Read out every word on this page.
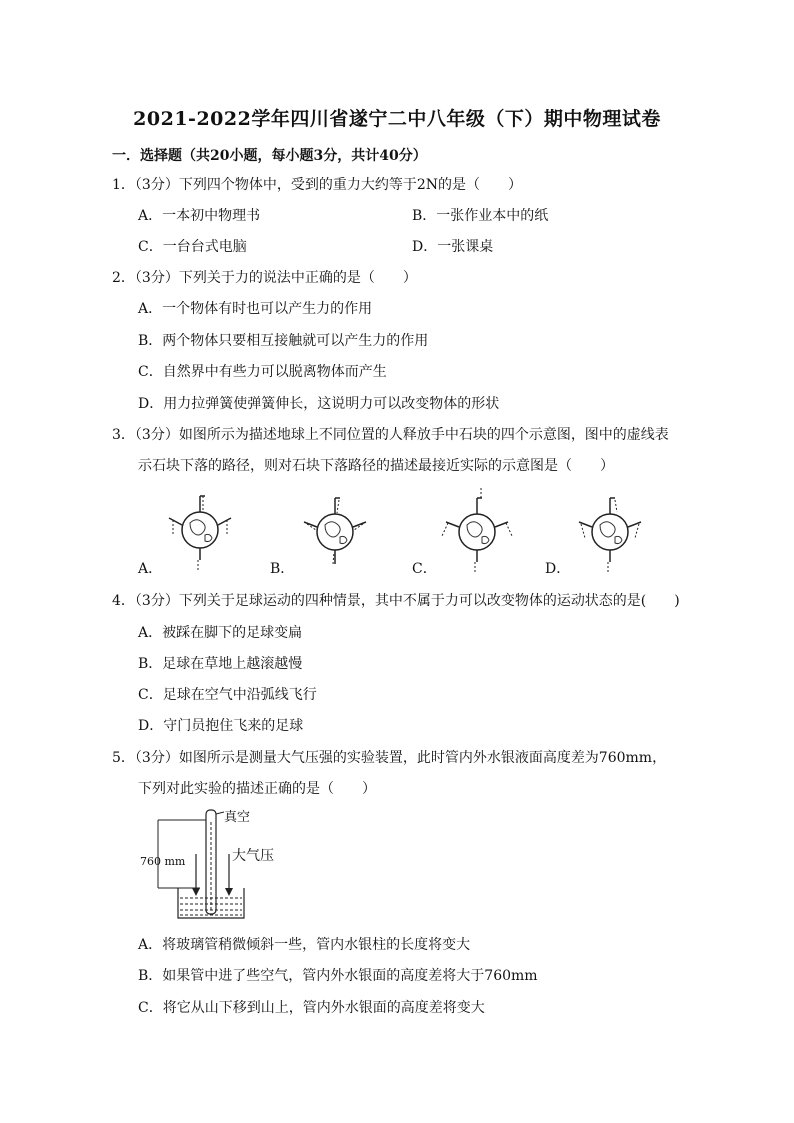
2021-2022学年四川省遂宁二中八年级（下）期中物理试卷
一．选择题（共20小题，每小题3分，共计40分）
1．（3分）下列四个物体中，受到的重力大约等于2N的是（　　）
A．一本初中物理书	B．一张作业本中的纸
C．一台台式电脑	D．一张课桌
2．（3分）下列关于力的说法中正确的是（　　）
A．一个物体有时也可以产生力的作用
B．两个物体只要相互接触就可以产生力的作用
C．自然界中有些力可以脱离物体而产生
D．用力拉弹簧使弹簧伸长，这说明力可以改变物体的形状
3．（3分）如图所示为描述地球上不同位置的人释放手中石块的四个示意图，图中的虚线表
示石块下落的路径，则对石块下落路径的描述最接近实际的示意图是（　　）
A．	B．	C．	D．
4．（3分）下列关于足球运动的四种情景，其中不属于力可以改变物体的运动状态的是(　　)
A．被踩在脚下的足球变扁
B．足球在草地上越滚越慢
C．足球在空气中沿弧线飞行
D．守门员抱住飞来的足球
5．（3分）如图所示是测量大气压强的实验装置，此时管内外水银液面高度差为760mm，
下列对此实验的描述正确的是（　　）
真空
大气压
760 mm
A．将玻璃管稍微倾斜一些，管内水银柱的长度将变大
B．如果管中进了些空气，管内外水银面的高度差将大于760mm
C．将它从山下移到山上，管内外水银面的高度差将变大
